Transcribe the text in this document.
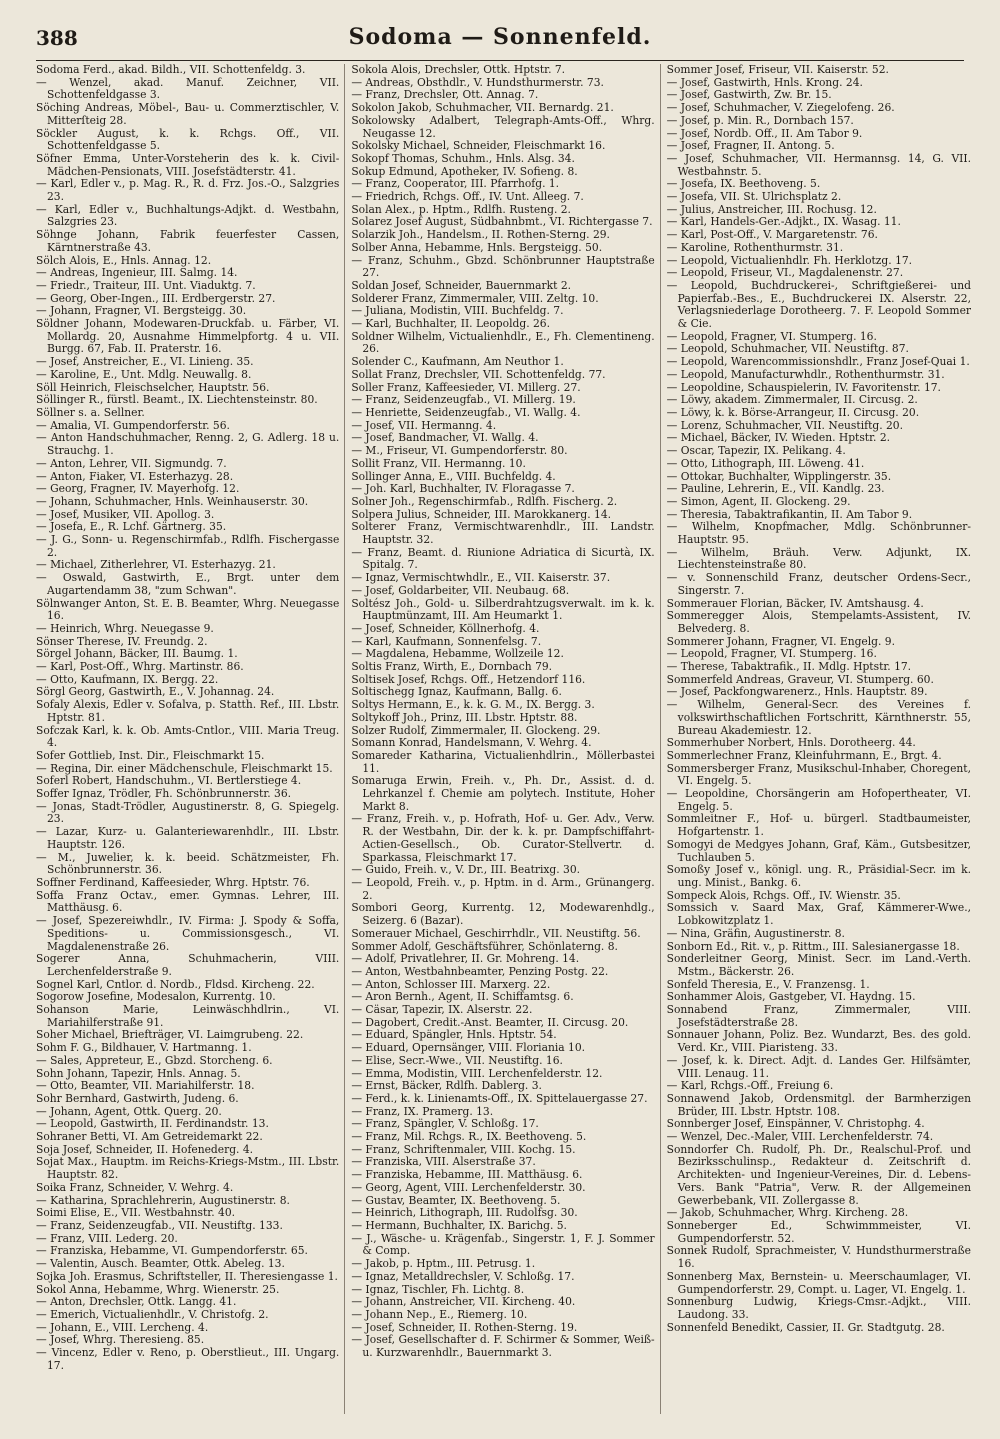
388	Sodoma — Sonnenfeld.

Sodoma Ferd., akad. Bildh., VII. Schottenfeldg. 3.

— Wenzel, akad. Manuf. Zeichner, VII. Schottenfeldgasse 3.

Söching Andreas, Möbel-, Bau- u. Commerztischler, V. Mitterſteig 28.

Söckler August, k. k. Rchgs. Off., VII. Schottenfeldgasse 5.

Söfner Emma, Unter-Vorsteherin des k. k. Civil-Mädchen-Pensionats, VIII. Josefstädterstr. 41.

— Karl, Edler v., p. Mag. R., R. d. Frz. Jos.-O., Salzgries 23.

— Karl, Edler v., Buchhaltungs-Adjkt. d. Westbahn, Salzgries 23.

Söhnge Johann, Fabrik feuerfester Cassen, Kärntnerstraße 43.

Sölch Alois, E., Hnls. Annag. 12.

— Andreas, Ingenieur, III. Salmg. 14.

— Friedr., Traiteur, III. Unt. Viaduktg. 7.

— Georg, Ober-Ingen., III. Erdbergerstr. 27.

— Johann, Fragner, VI. Bergsteigg. 30.

Söldner Johann, Modewaren-Druckfab. u. Färber, VI. Mollardg. 20, Ausnahme Himmelpfortg. 4 u. VII. Burgg. 67, Fab. II. Praterstr. 16.

— Josef, Anstreicher, E., VI. Linieng. 35.

— Karoline, E., Unt. Mdlg. Neuwallg. 8.

Söll Heinrich, Fleischselcher, Hauptstr. 56.

Söllinger R., fürstl. Beamt., IX. Liechtensteinstr. 80.

Söllner s. a. Sellner.

— Amalia, VI. Gumpendorferstr. 56.

— Anton Handschuhmacher, Renng. 2, G. Adlerg. 18 u. Strauchg. 1.

— Anton, Lehrer, VII. Sigmundg. 7.

— Anton, Fiaker, VI. Esterhazyg. 28.

— Georg, Fragner, IV. Mayerhofg. 12.

— Johann, Schuhmacher, Hnls. Weinhauserstr. 30.

— Josef, Musiker, VII. Apollog. 3.

— Josefa, E., R. Lchf. Gärtnerg. 35.

— J. G., Sonn- u. Regenschirmfab., Rdlfh. Fischergasse 2.

— Michael, Zitherlehrer, VI. Esterhazyg. 21.

— Oswald, Gastwirth, E., Brgt. unter dem Augartendamm 38, "zum Schwan".

Sölnwanger Anton, St. E. B. Beamter, Whrg. Neuegasse 16.

— Heinrich, Whrg. Neuegasse 9.

Sönser Therese, IV. Freundg. 2.

Sörgel Johann, Bäcker, III. Baumg. 1.

— Karl, Post-Off., Whrg. Martinstr. 86.

— Otto, Kaufmann, IX. Bergg. 22.

Sörgl Georg, Gastwirth, E., V. Johannag. 24.

Sofaly Alexis, Edler v. Sofalva, p. Statth. Ref., III. Lbstr. Hptstr. 81.

Sofczak Karl, k. k. Ob. Amts-Cntlor., VIII. Maria Treug. 4.

Sofer Gottlieb, Inst. Dir., Fleischmarkt 15.

— Regina, Dir. einer Mädchenschule, Fleischmarkt 15.

Soferl Robert, Handschuhm., VI. Bertlerstiege 4.

Soffer Ignaz, Trödler, Fh. Schönbrunnerstr. 36.

— Jonas, Stadt-Trödler, Augustinerstr. 8, G. Spiegelg. 23.

— Lazar, Kurz- u. Galanteriewarenhdlr., III. Lbstr. Hauptstr. 126.

— M., Juwelier, k. k. beeid. Schätzmeister, Fh. Schönbrunnerstr. 36.

Soffner Ferdinand, Kaffeesieder, Whrg. Hptstr. 76.

Soffa Franz Octav., emer. Gymnas. Lehrer, III. Matthäusg. 6.

— Josef, Spezereiwhdlr., IV. Firma: J. Spody & Soffa, Speditions- u. Commissionsgesch., VI. Magdalenenstraße 26.

Sogerer Anna, Schuhmacherin, VIII. Lerchenfelderstraße 9.

Sognel Karl, Cntlor. d. Nordb., Fldsd. Kircheng. 22.

Sogorow Josefine, Modesalon, Kurrentg. 10.

Sohanson Marie, Leinwäschhdlrin., VI. Mariahilferstraße 91.

Soher Michael, Briefträger, VI. Laimgrubeng. 22.

Sohm F. G., Bildhauer, V. Hartmanng. 1.

— Sales, Appreteur, E., Gbzd. Storcheng. 6.

Sohn Johann, Tapezir, Hnls. Annag. 5.

— Otto, Beamter, VII. Mariahilferstr. 18.

Sohr Bernhard, Gastwirth, Judeng. 6.

— Johann, Agent, Ottk. Querg. 20.

— Leopold, Gastwirth, II. Ferdinandstr. 13.

Sohraner Betti, VI. Am Getreidemarkt 22.

Soja Josef, Schneider, II. Hofenederg. 4.

Sojat Max., Hauptm. im Reichs-Kriegs-Mstm., III. Lbstr. Hauptstr. 82.

Soika Franz, Schneider, V. Wehrg. 4.

— Katharina, Sprachlehrerin, Augustinerstr. 8.

Soimi Elise, E., VII. Westbahnstr. 40.

— Franz, Seidenzeugfab., VII. Neustiftg. 133.

— Franz, VIII. Lederg. 20.

— Franziska, Hebamme, VI. Gumpendorferstr. 65.

— Valentin, Ausch. Beamter, Ottk. Abeleg. 13.

Sojka Joh. Erasmus, Schriftsteller, II. Theresiengasse 1.

Sokol Anna, Hebamme, Whrg. Wienerstr. 25.

— Anton, Drechsler, Ottk. Langg. 41.

— Emerich, Victualienhdlr., V. Christofg. 2.

— Johann, E., VIII. Lercheng. 4.

— Josef, Whrg. Theresieng. 85.

— Vincenz, Edler v. Reno, p. Oberstlieut., III. Ungarg. 17.

Sokola Alois, Drechsler, Ottk. Hptstr. 7.

— Andreas, Obsthdlr., V. Hundsthurmerstr. 73.

— Franz, Drechsler, Ott. Annag. 7.

Sokolon Jakob, Schuhmacher, VII. Bernardg. 21.

Sokolowsky Adalbert, Telegraph-Amts-Off., Whrg. Neugasse 12.

Sokolsky Michael, Schneider, Fleischmarkt 16.

Sokopf Thomas, Schuhm., Hnls. Alsg. 34.

Sokup Edmund, Apotheker, IV. Sofieng. 8.

— Franz, Cooperator, III. Pfarrhofg. 1.

— Friedrich, Rchgs. Off., IV. Unt. Alleeg. 7.

Solan Alex., p. Hptm., Rdlfh. Rusteng. 2.

Solarez Josef August, Südbahnbmt., VI. Richtergasse 7.

Solarzik Joh., Handelsm., II. Rothen-Sterng. 29.

Solber Anna, Hebamme, Hnls. Bergsteigg. 50.

— Franz, Schuhm., Gbzd. Schönbrunner Hauptstraße 27.

Soldan Josef, Schneider, Bauernmarkt 2.

Solderer Franz, Zimmermaler, VIII. Zeltg. 10.

— Juliana, Modistin, VIII. Buchfeldg. 7.

— Karl, Buchhalter, II. Leopoldg. 26.

Soldner Wilhelm, Victualienhdlr., E., Fh. Clementineng. 26.

Solender C., Kaufmann, Am Neuthor 1.

Sollat Franz, Drechsler, VII. Schottenfeldg. 77.

Soller Franz, Kaffeesieder, VI. Millerg. 27.

— Franz, Seidenzeugfab., VI. Millerg. 19.

— Henriette, Seidenzeugfab., VI. Wallg. 4.

— Josef, VII. Hermanng. 4.

— Josef, Bandmacher, VI. Wallg. 4.

— M., Friseur, VI. Gumpendorferstr. 80.

Sollit Franz, VII. Hermanng. 10.

Sollinger Anna, E., VIII. Buchfeldg. 4.

— Joh. Karl, Buchhalter, IV. Floragasse 7.

Solner Joh., Regenschirmfab., Rdlfh. Fischerg. 2.

Solpera Julius, Schneider, III. Marokkanerg. 14.

Solterer Franz, Vermischtwarenhdlr., III. Landstr. Hauptstr. 32.

— Franz, Beamt. d. Riunione Adriatica di Sicurtà, IX. Spitalg. 7.

— Ignaz, Vermischtwhdlr., E., VII. Kaiserstr. 37.

— Josef, Goldarbeiter, VII. Neubaug. 68.

Soltész Joh., Gold- u. Silberdrahtzugsverwalt. im k. k. Hauptmünzamt, III. Am Heumarkt 1.

— Josef, Schneider, Köllnerhofg. 4.

— Karl, Kaufmann, Sonnenfelsg. 7.

— Magdalena, Hebamme, Wollzeile 12.

Soltis Franz, Wirth, E., Dornbach 79.

Soltisek Josef, Rchgs. Off., Hetzendorf 116.

Soltischegg Ignaz, Kaufmann, Ballg. 6.

Soltys Hermann, E., k. k. G. M., IX. Bergg. 3.

Soltykoff Joh., Prinz, III. Lbstr. Hptstr. 88.

Solzer Rudolf, Zimmermaler, II. Glockeng. 29.

Somann Konrad, Handelsmann, V. Wehrg. 4.

Somareder Katharina, Victualienhdlrin., Möllerbastei 11.

Somaruga Erwin, Freih. v., Ph. Dr., Assist. d. d. Lehrkanzel f. Chemie am polytech. Institute, Hoher Markt 8.

— Franz, Freih. v., p. Hofrath, Hof- u. Ger. Adv., Verw. R. der Westbahn, Dir. der k. k. pr. Dampfschiffahrt-Actien-Gesellsch., Ob. Curator-Stellvertr. d. Sparkassa, Fleischmarkt 17.

— Guido, Freih. v., V. Dr., III. Beatrixg. 30.

— Leopold, Freih. v., p. Hptm. in d. Arm., Grünangerg. 2.

Sombori Georg, Kurrentg. 12, Modewarenhdlg., Seizerg. 6 (Bazar).

Somerauer Michael, Geschirrhdlr., VII. Neustiftg. 56.

Sommer Adolf, Geschäftsführer, Schönlaterng. 8.

— Adolf, Privatlehrer, II. Gr. Mohreng. 14.

— Anton, Westbahnbeamter, Penzing Postg. 22.

— Anton, Schlosser III. Marxerg. 22.

— Aron Bernh., Agent, II. Schiffamtsg. 6.

— Cäsar, Tapezir, IX. Alserstr. 22.

— Dagobert, Credit.-Anst. Beamter, II. Circusg. 20.

— Eduard, Spängler, Hnls. Hptstr. 54.

— Eduard, Opernsänger, VIII. Floriania 10.

— Elise, Secr.-Wwe., VII. Neustiftg. 16.

— Emma, Modistin, VIII. Lerchenfelderstr. 12.

— Ernst, Bäcker, Rdlfh. Dablerg. 3.

— Ferd., k. k. Linienamts-Off., IX. Spittelauergasse 27.

— Franz, IX. Pramerg. 13.

— Franz, Spängler, V. Schloßg. 17.

— Franz, Mil. Rchgs. R., IX. Beethoveng. 5.

— Franz, Schriftenmaler, VIII. Kochg. 15.

— Franziska, VIII. Alserstraße 37.

— Franziska, Hebamme, III. Matthäusg. 6.

— Georg, Agent, VIII. Lerchenfelderstr. 30.

— Gustav, Beamter, IX. Beethoveng. 5.

— Heinrich, Lithograph, III. Rudolfsg. 30.

— Hermann, Buchhalter, IX. Barichg. 5.

— J., Wäsche- u. Krägenfab., Singerstr. 1, F. J. Sommer & Comp.

— Jakob, p. Hptm., III. Petrusg. 1.

— Ignaz, Metalldrechsler, V. Schloßg. 17.

— Ignaz, Tischler, Fh. Lichtg. 8.

— Johann, Anstreicher, VII. Kircheng. 40.

— Johann Nep., E., Riemerg. 10.

— Josef, Schneider, II. Rothen-Sterng. 19.

— Josef, Gesellschafter d. F. Schirmer & Sommer, Weiß- u. Kurzwarenhdlr., Bauernmarkt 3.

Sommer Josef, Friseur, VII. Kaiserstr. 52.

— Josef, Gastwirth, Hnls. Krong. 24.

— Josef, Gastwirth, Zw. Br. 15.

— Josef, Schuhmacher, V. Ziegelofeng. 26.

— Josef, p. Min. R., Dornbach 157.

— Josef, Nordb. Off., II. Am Tabor 9.

— Josef, Fragner, II. Antong. 5.

— Josef, Schuhmacher, VII. Hermannsg. 14, G. VII. Westbahnstr. 5.

— Josefa, IX. Beethoveng. 5.

— Josefa, VII. St. Ulrichsplatz 2.

— Julius, Anstreicher, III. Rochusg. 12.

— Karl, Handels-Ger.-Adjkt., IX. Wasag. 11.

— Karl, Post-Off., V. Margaretenstr. 76.

— Karoline, Rothenthurmstr. 31.

— Leopold, Victualienhdlr. Fh. Herklotzg. 17.

— Leopold, Friseur, VI., Magdalenenstr. 27.

— Leopold, Buchdruckerei-, Schriftgießerei- und Papierfab.-Bes., E., Buchdruckerei IX. Alserstr. 22, Verlagsniederlage Dorotheerg. 7. F. Leopold Sommer & Cie.

— Leopold, Fragner, VI. Stumperg. 16.

— Leopold, Schuhmacher, VII. Neustiftg. 87.

— Leopold, Warencommissionshdlr., Franz Josef-Quai 1.

— Leopold, Manufacturwhdlr., Rothenthurmstr. 31.

— Leopoldine, Schauspielerin, IV. Favoritenstr. 17.

— Löwy, akadem. Zimmermaler, II. Circusg. 2.

— Löwy, k. k. Börse-Arrangeur, II. Circusg. 20.

— Lorenz, Schuhmacher, VII. Neustiftg. 20.

— Michael, Bäcker, IV. Wieden. Hptstr. 2.

— Oscar, Tapezir, IX. Pelikang. 4.

— Otto, Lithograph, III. Löweng. 41.

— Ottokar, Buchhalter, Wipplingerstr. 35.

— Pauline, Lehrerin, E., VII. Kandlg. 23.

— Simon, Agent, II. Glockeng. 29.

— Theresia, Tabaktrafikantin, II. Am Tabor 9.

— Wilhelm, Knopfmacher, Mdlg. Schönbrunner-Hauptstr. 95.

— Wilhelm, Bräuh. Verw. Adjunkt, IX. Liechtensteinstraße 80.

— v. Sonnenschild Franz, deutscher Ordens-Secr., Singerstr. 7.

Sommerauer Florian, Bäcker, IV. Amtshausg. 4.

Sommeregger Alois, Stempelamts-Assistent, IV. Belvederg. 8.

Sommerer Johann, Fragner, VI. Engelg. 9.

— Leopold, Fragner, VI. Stumperg. 16.

— Therese, Tabaktrafik., II. Mdlg. Hptstr. 17.

Sommerfeld Andreas, Graveur, VI. Stumperg. 60.

— Josef, Packfongwarenerz., Hnls. Hauptstr. 89.

— Wilhelm, General-Secr. des Vereines f. volkswirthschaftlichen Fortschritt, Kärnthnerstr. 55, Bureau Akademiestr. 12.

Sommerhuber Norbert, Hnls. Dorotheerg. 44.

Sommerlechner Franz, Kleinfuhrmann, E., Brgt. 4.

Sommersberger Franz, Musikschul-Inhaber, Choregent, VI. Engelg. 5.

— Leopoldine, Chorsängerin am Hofopertheater, VI. Engelg. 5.

Sommleitner F., Hof- u. bürgerl. Stadtbaumeister, Hofgartenstr. 1.

Somogyi de Medgyes Johann, Graf, Käm., Gutsbesitzer, Tuchlauben 5.

Somoßy Josef v., königl. ung. R., Präsidial-Secr. im k. ung. Minist., Bankg. 6.

Sompeck Alois, Rchgs. Off., IV. Wienstr. 35.

Somssich v. Saard Max, Graf, Kämmerer-Wwe., Lobkowitzplatz 1.

— Nina, Gräfin, Augustinerstr. 8.

Sonborn Ed., Rit. v., p. Rittm., III. Salesianergasse 18.

Sonderleitner Georg, Minist. Secr. im Land.-Verth. Mstm., Bäckerstr. 26.

Sonfeld Theresia, E., V. Franzensg. 1.

Sonhammer Alois, Gastgeber, VI. Haydng. 15.

Sonnabend Franz, Zimmermaler, VIII. Josefstädterstraße 28.

Sonnauer Johann, Poliz. Bez. Wundarzt, Bes. des gold. Verd. Kr., VIII. Piaristeng. 33.

— Josef, k. k. Direct. Adjt. d. Landes Ger. Hilfsämter, VIII. Lenaug. 11.

— Karl, Rchgs.-Off., Freiung 6.

Sonnawend Jakob, Ordensmitgl. der Barmherzigen Brüder, III. Lbstr. Hptstr. 108.

Sonnberger Josef, Einspänner, V. Christophg. 4.

— Wenzel, Dec.-Maler, VIII. Lerchenfelderstr. 74.

Sonndorfer Ch. Rudolf, Ph. Dr., Realschul-Prof. und Bezirksschulinsp., Redakteur d. Zeitschrift d. Architekten- und Ingenieur-Vereines, Dir. d. Lebens-Vers. Bank "Patria", Verw. R. der Allgemeinen Gewerbebank, VII. Zollergasse 8.

— Jakob, Schuhmacher, Whrg. Kircheng. 28.

Sonneberger Ed., Schwimmmeister, VI. Gumpendorferstr. 52.

Sonnek Rudolf, Sprachmeister, V. Hundsthurmerstraße 16.

Sonnenberg Max, Bernstein- u. Meerschaumlager, VI. Gumpendorferstr. 29, Compt. u. Lager, VI. Engelg. 1.

Sonnenburg Ludwig, Kriegs-Cmsr.-Adjkt., VIII. Laudong. 33.

Sonnenfeld Benedikt, Cassier, II. Gr. Stadtgutg. 28.
